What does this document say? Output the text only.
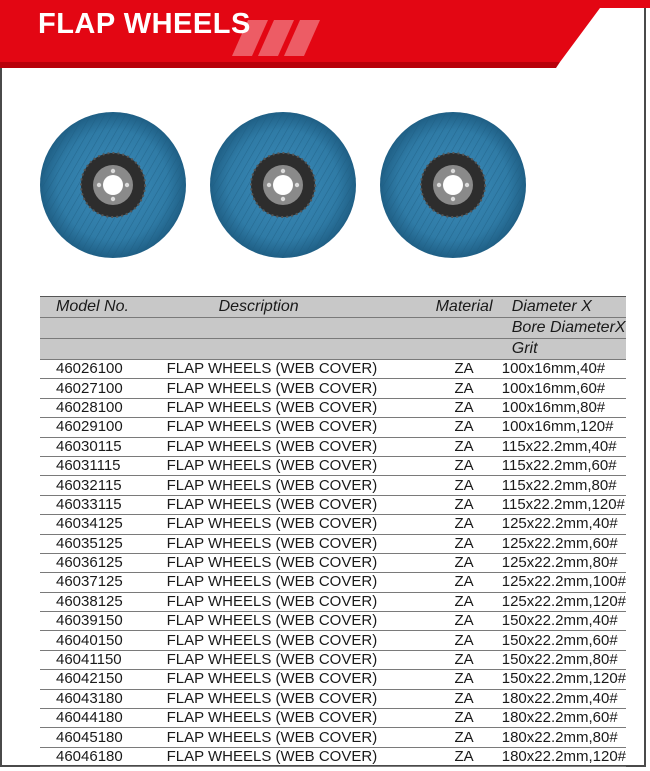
FLAP WHEELS
Model No.	Description	Material	Diameter X
			Bore DiameterX
			Grit
46026100	FLAP WHEELS (WEB COVER)	ZA	100x16mm,40#
46027100	FLAP WHEELS (WEB COVER)	ZA	100x16mm,60#
46028100	FLAP WHEELS (WEB COVER)	ZA	100x16mm,80#
46029100	FLAP WHEELS (WEB COVER)	ZA	100x16mm,120#
46030115	FLAP WHEELS (WEB COVER)	ZA	115x22.2mm,40#
46031115	FLAP WHEELS (WEB COVER)	ZA	115x22.2mm,60#
46032115	FLAP WHEELS (WEB COVER)	ZA	115x22.2mm,80#
46033115	FLAP WHEELS (WEB COVER)	ZA	115x22.2mm,120#
46034125	FLAP WHEELS (WEB COVER)	ZA	125x22.2mm,40#
46035125	FLAP WHEELS (WEB COVER)	ZA	125x22.2mm,60#
46036125	FLAP WHEELS (WEB COVER)	ZA	125x22.2mm,80#
46037125	FLAP WHEELS (WEB COVER)	ZA	125x22.2mm,100#
46038125	FLAP WHEELS (WEB COVER)	ZA	125x22.2mm,120#
46039150	FLAP WHEELS (WEB COVER)	ZA	150x22.2mm,40#
46040150	FLAP WHEELS (WEB COVER)	ZA	150x22.2mm,60#
46041150	FLAP WHEELS (WEB COVER)	ZA	150x22.2mm,80#
46042150	FLAP WHEELS (WEB COVER)	ZA	150x22.2mm,120#
46043180	FLAP WHEELS (WEB COVER)	ZA	180x22.2mm,40#
46044180	FLAP WHEELS (WEB COVER)	ZA	180x22.2mm,60#
46045180	FLAP WHEELS (WEB COVER)	ZA	180x22.2mm,80#
46046180	FLAP WHEELS (WEB COVER)	ZA	180x22.2mm,120#
